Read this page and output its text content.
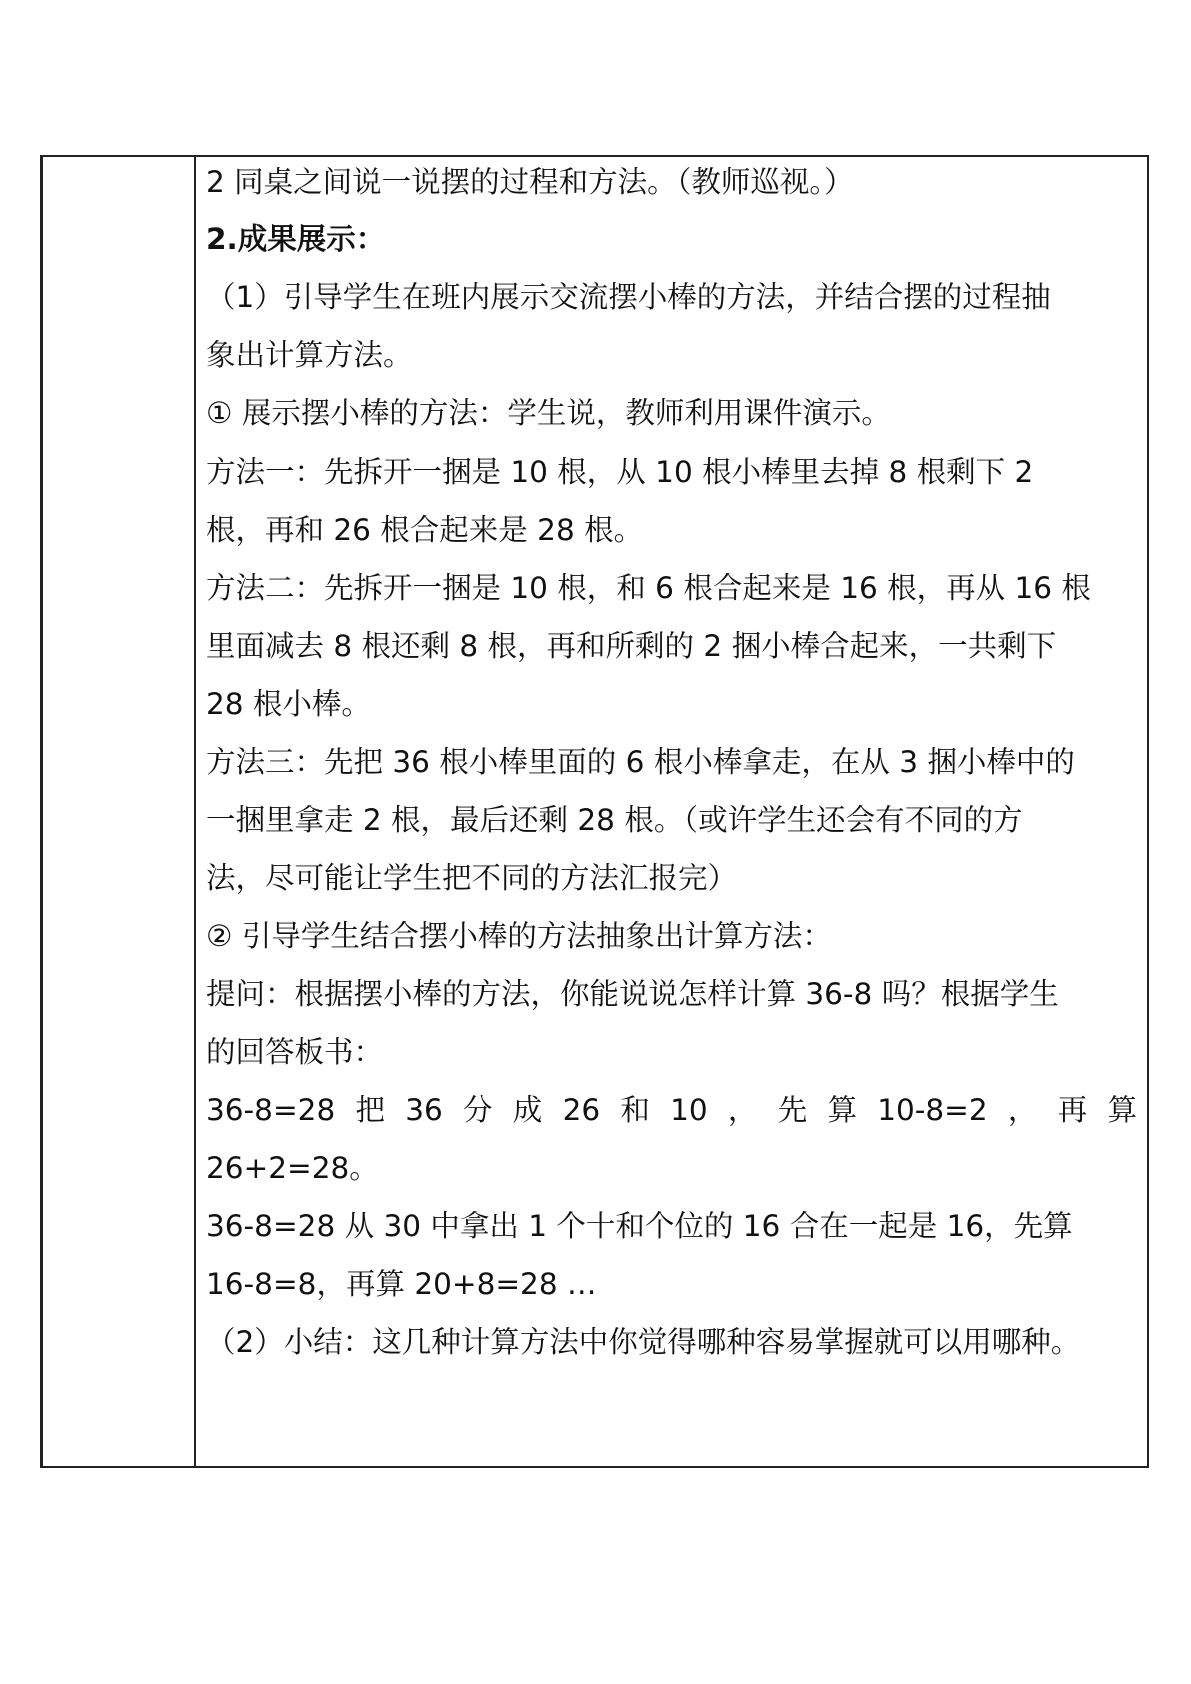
2 同桌之间说一说摆的过程和方法。（教师巡视。）
2.成果展示：
（1）引导学生在班内展示交流摆小棒的方法，并结合摆的过程抽
象出计算方法。
① 展示摆小棒的方法：学生说，教师利用课件演示。
方法一：先拆开一捆是 10 根，从 10 根小棒里去掉 8 根剩下 2
根，再和 26 根合起来是 28 根。
方法二：先拆开一捆是 10 根，和 6 根合起来是 16 根，再从 16 根
里面减去 8 根还剩 8 根，再和所剩的 2 捆小棒合起来，一共剩下
28 根小棒。
方法三：先把 36 根小棒里面的 6 根小棒拿走，在从 3 捆小棒中的
一捆里拿走 2 根，最后还剩 28 根。（或许学生还会有不同的方
法，尽可能让学生把不同的方法汇报完）
② 引导学生结合摆小棒的方法抽象出计算方法：
提问：根据摆小棒的方法，你能说说怎样计算 36-8 吗？根据学生
的回答板书：
36-8=28 把 36 分 成 26 和 10 ， 先 算 10-8=2 ， 再 算
26+2=28。
36-8=28 从 30 中拿出 1 个十和个位的 16 合在一起是 16，先算
16-8=8，再算 20+8=28 …
（2）小结：这几种计算方法中你觉得哪种容易掌握就可以用哪种。
